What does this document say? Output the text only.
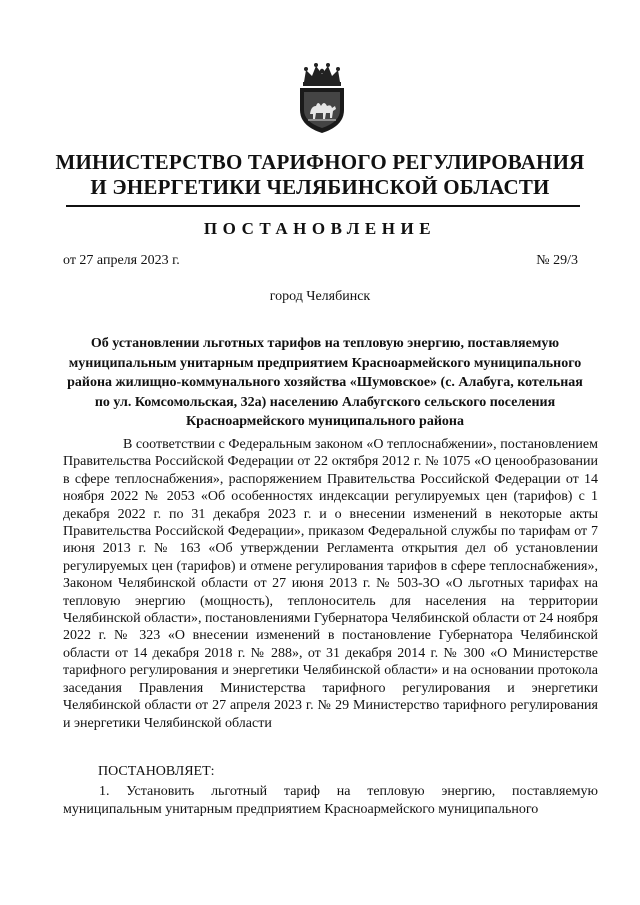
МИНИСТЕРСТВО ТАРИФНОГО РЕГУЛИРОВАНИЯ
И ЭНЕРГЕТИКИ ЧЕЛЯБИНСКОЙ ОБЛАСТИ
ПОСТАНОВЛЕНИЕ
от 27 апреля 2023 г.	№ 29/3
город Челябинск
Об установлении льготных тарифов на тепловую энергию, поставляемую муниципальным унитарным предприятием Красноармейского муниципального района жилищно-коммунального хозяйства «Шумовское» (с. Алабуга, котельная по ул. Комсомольская, 32а) населению Алабугского сельского поселения Красноармейского муниципального района

В соответствии с Федеральным законом «О теплоснабжении», постановлением Правительства Российской Федерации от 22 октября 2012 г. № 1075 «О ценообразовании в сфере теплоснабжения», распоряжением Правительства Российской Федерации от 14 ноября 2022 № 2053 «Об особенностях индексации регулируемых цен (тарифов) с 1 декабря 2022 г. по 31 декабря 2023 г. и о внесении изменений в некоторые акты Правительства Российской Федерации», приказом Федеральной службы по тарифам от 7 июня 2013 г. № 163 «Об утверждении Регламента открытия дел об установлении регулируемых цен (тарифов) и отмене регулирования тарифов в сфере теплоснабжения», Законом Челябинской области от 27 июня 2013 г. № 503-ЗО «О льготных тарифах на тепловую энергию (мощность), теплоноситель для населения на территории Челябинской области», постановлениями Губернатора Челябинской области от 24 ноября 2022 г. № 323 «О внесении изменений в постановление Губернатора Челябинской области от 14 декабря 2018 г. № 288», от 31 декабря 2014 г. № 300 «О Министерстве тарифного регулирования и энергетики Челябинской области» и на основании протокола заседания Правления Министерства тарифного регулирования и энергетики Челябинской области от 27 апреля 2023 г. № 29 Министерство тарифного регулирования и энергетики Челябинской области

ПОСТАНОВЛЯЕТ:

1. Установить льготный тариф на тепловую энергию, поставляемую муниципальным унитарным предприятием Красноармейского муниципального
